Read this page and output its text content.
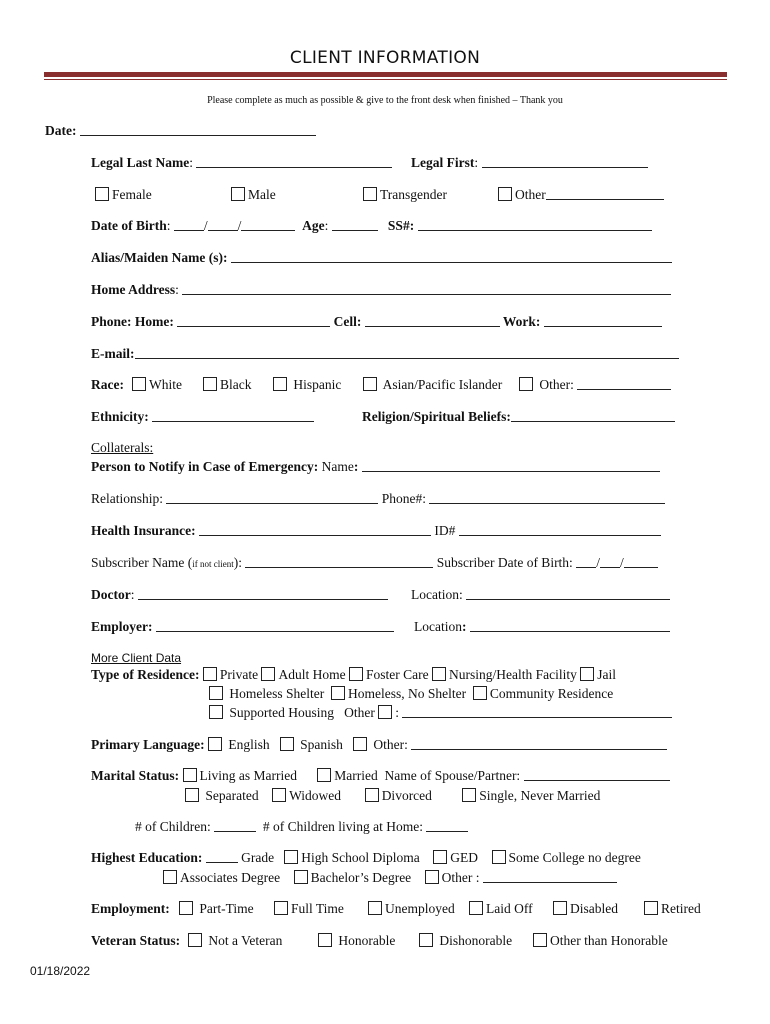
CLIENT INFORMATION
Please complete as much as possible & give to the front desk when finished – Thank you
Date:
Legal Last Name:	Legal First:
Female	Male	Transgender	Other
Date of Birth: / /	Age:	SS#:
Alias/Maiden Name (s):
Home Address:
Phone: Home:	Cell:	Work:
E-mail:
Race:	White	Black	Hispanic	Asian/Pacific Islander	Other:
Ethnicity:	Religion/Spiritual Beliefs:
Collaterals:
Person to Notify in Case of Emergency: Name:
Relationship:	Phone#:
Health Insurance:	ID#
Subscriber Name (if not client):	Subscriber Date of Birth: / /
Doctor:	Location:
Employer:	Location:
More Client Data
Type of Residence: Private Adult Home Foster Care Nursing/Health Facility Jail
Homeless Shelter Homeless, No Shelter Community Residence
Supported Housing Other :
Primary Language: English Spanish Other:
Marital Status: Living as Married	Married Name of Spouse/Partner:
Separated Widowed	Divorced	Single, Never Married
# of Children:	# of Children living at Home:
Highest Education:	Grade High School Diploma GED Some College no degree
Associates Degree Bachelor’s Degree Other :
Employment:	Part-Time	Full Time	Unemployed	Laid Off	Disabled	Retired
Veteran Status:	Not a Veteran	Honorable	Dishonorable	Other than Honorable
01/18/2022
